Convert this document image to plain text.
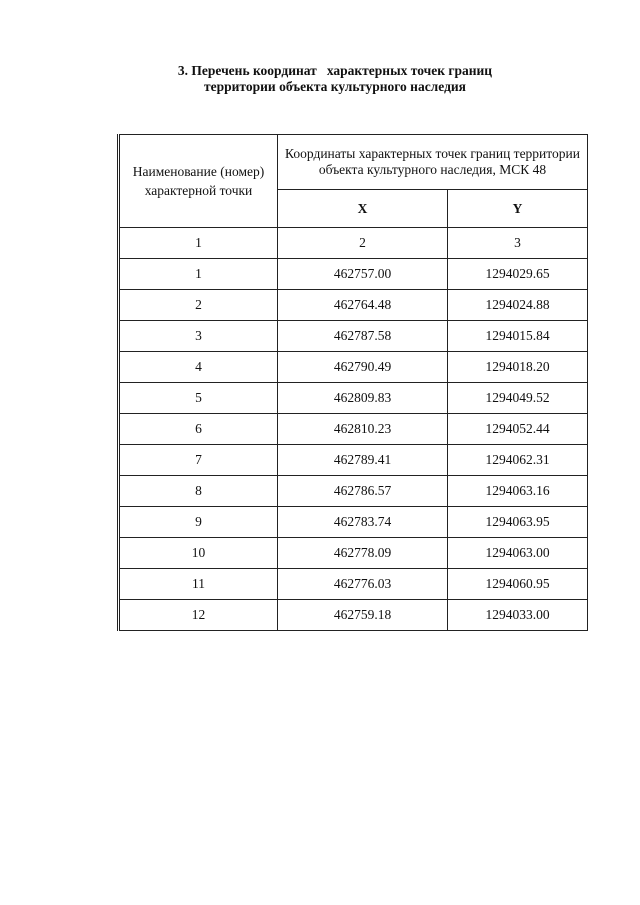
3. Перечень координат характерных точек границ
территории объекта культурного наследия
Наименование (номер) характерной точки	Координаты характерных точек границ территории объекта культурного наследия, МСК 48	
	X	Y
1	2	3
1	462757.00	1294029.65
2	462764.48	1294024.88
3	462787.58	1294015.84
4	462790.49	1294018.20
5	462809.83	1294049.52
6	462810.23	1294052.44
7	462789.41	1294062.31
8	462786.57	1294063.16
9	462783.74	1294063.95
10	462778.09	1294063.00
11	462776.03	1294060.95
12	462759.18	1294033.00
